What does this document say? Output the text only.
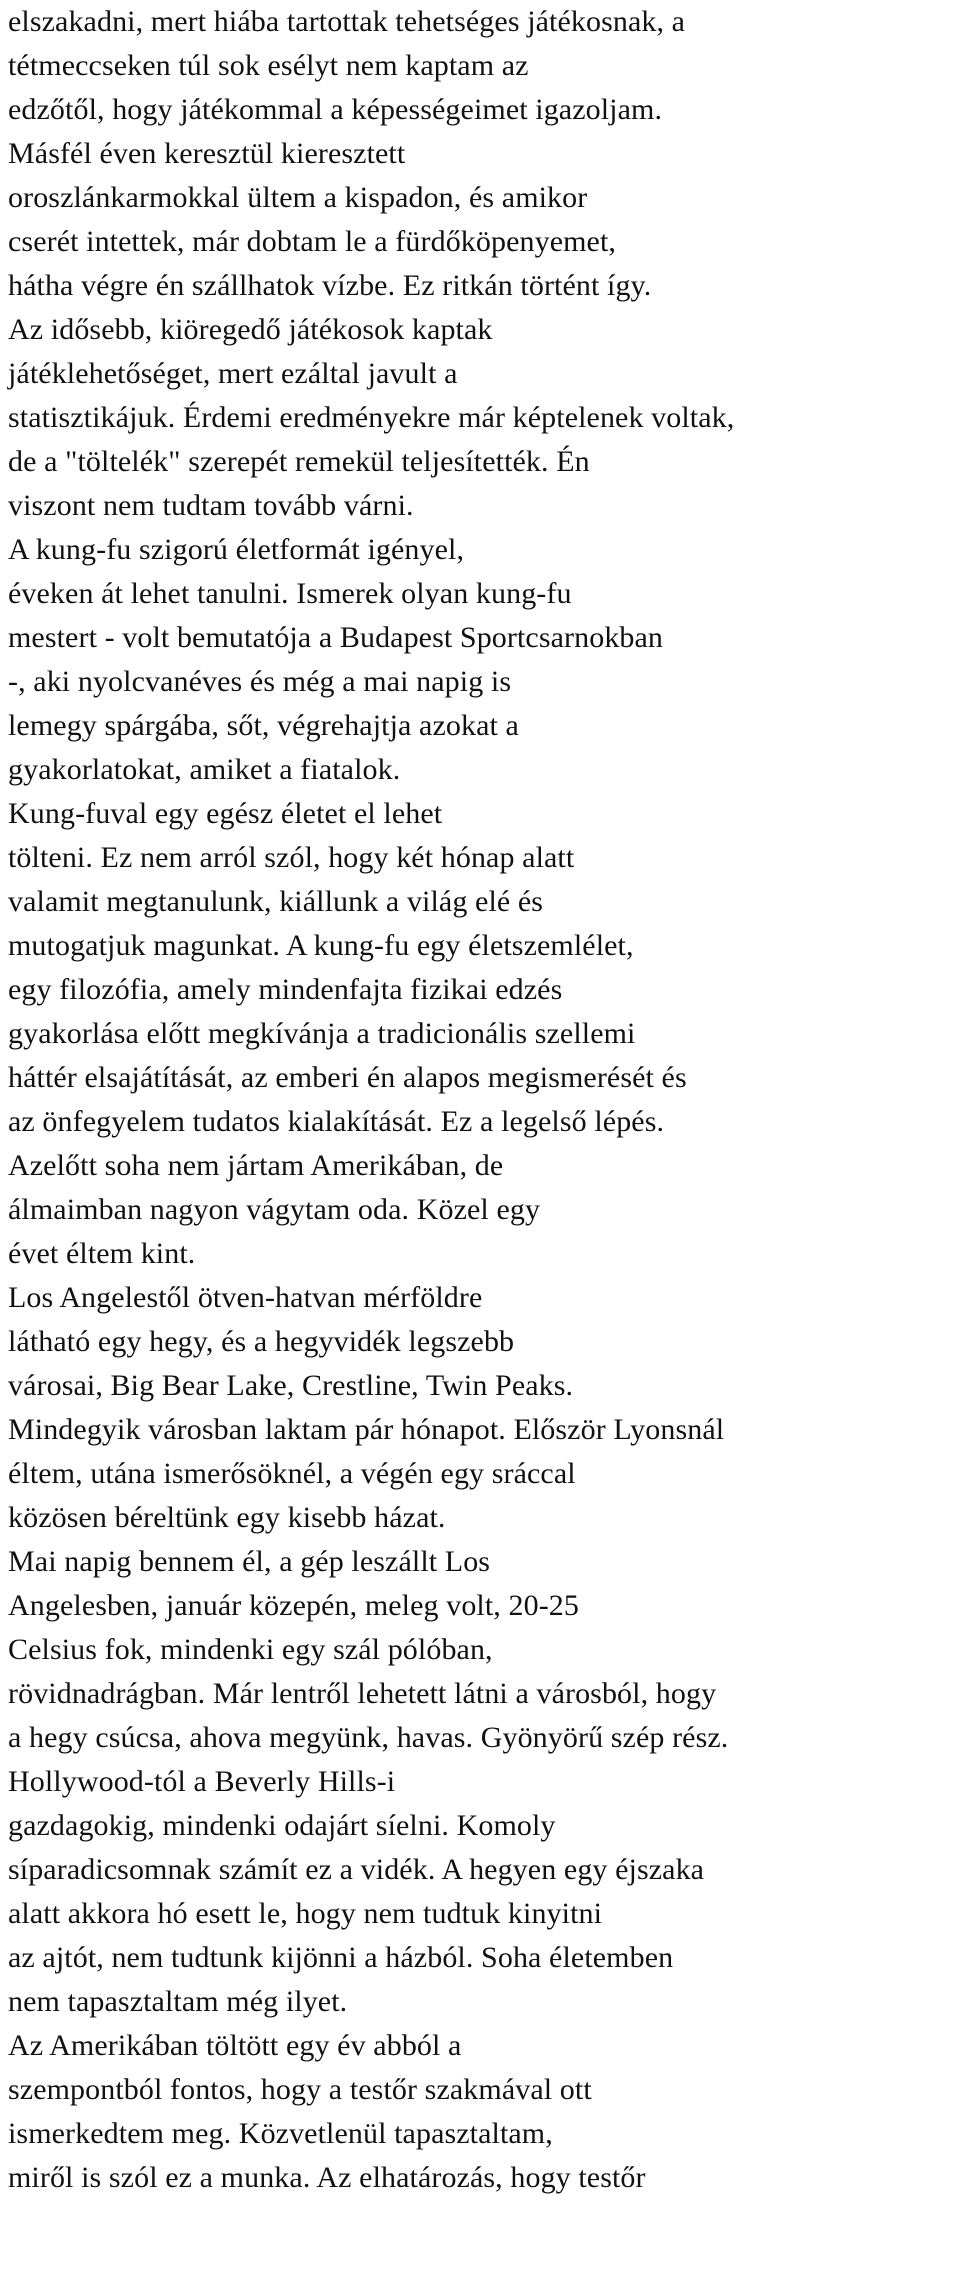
elszakadni, mert hiába tartottak tehetséges játékosnak, a
tétmeccseken túl sok esélyt nem kaptam az
edzőtől, hogy játékommal a képességeimet igazoljam.
Másfél éven keresztül kieresztett
oroszlánkarmokkal ültem a kispadon, és amikor
cserét intettek, már dobtam le a fürdőköpenyemet,
hátha végre én szállhatok vízbe. Ez ritkán történt így.
Az idősebb, kiöregedő játékosok kaptak
játéklehetőséget, mert ezáltal javult a
statisztikájuk. Érdemi eredményekre már képtelenek voltak,
de a "töltelék" szerepét remekül teljesítették. Én
viszont nem tudtam tovább várni.
A kung-fu szigorú életformát igényel,
éveken át lehet tanulni. Ismerek olyan kung-fu
mestert - volt bemutatója a Budapest Sportcsarnokban
-, aki nyolcvanéves és még a mai napig is
lemegy spárgába, sőt, végrehajtja azokat a
gyakorlatokat, amiket a fiatalok.
Kung-fuval egy egész életet el lehet
tölteni. Ez nem arról szól, hogy két hónap alatt
valamit megtanulunk, kiállunk a világ elé és
mutogatjuk magunkat. A kung-fu egy életszemlélet,
egy filozófia, amely mindenfajta fizikai edzés
gyakorlása előtt megkívánja a tradicionális szellemi
háttér elsajátítását, az emberi én alapos megismerését és
az önfegyelem tudatos kialakítását. Ez a legelső lépés.
Azelőtt soha nem jártam Amerikában, de
álmaimban nagyon vágytam oda. Közel egy
évet éltem kint.
Los Angelestől ötven-hatvan mérföldre
látható egy hegy, és a hegyvidék legszebb
városai, Big Bear Lake, Crestline, Twin Peaks.
Mindegyik városban laktam pár hónapot. Először Lyonsnál
éltem, utána ismerősöknél, a végén egy sráccal
közösen béreltünk egy kisebb házat.
Mai napig bennem él, a gép leszállt Los
Angelesben, január közepén, meleg volt, 20-25
Celsius fok, mindenki egy szál pólóban,
rövidnadrágban. Már lentről lehetett látni a városból, hogy
a hegy csúcsa, ahova megyünk, havas. Gyönyörű szép rész.
Hollywood-tól a Beverly Hills-i
gazdagokig, mindenki odajárt síelni. Komoly
síparadicsomnak számít ez a vidék. A hegyen egy éjszaka
alatt akkora hó esett le, hogy nem tudtuk kinyitni
az ajtót, nem tudtunk kijönni a házból. Soha életemben
nem tapasztaltam még ilyet.
Az Amerikában töltött egy év abból a
szempontból fontos, hogy a testőr szakmával ott
ismerkedtem meg. Közvetlenül tapasztaltam,
miről is szól ez a munka. Az elhatározás, hogy testőr
